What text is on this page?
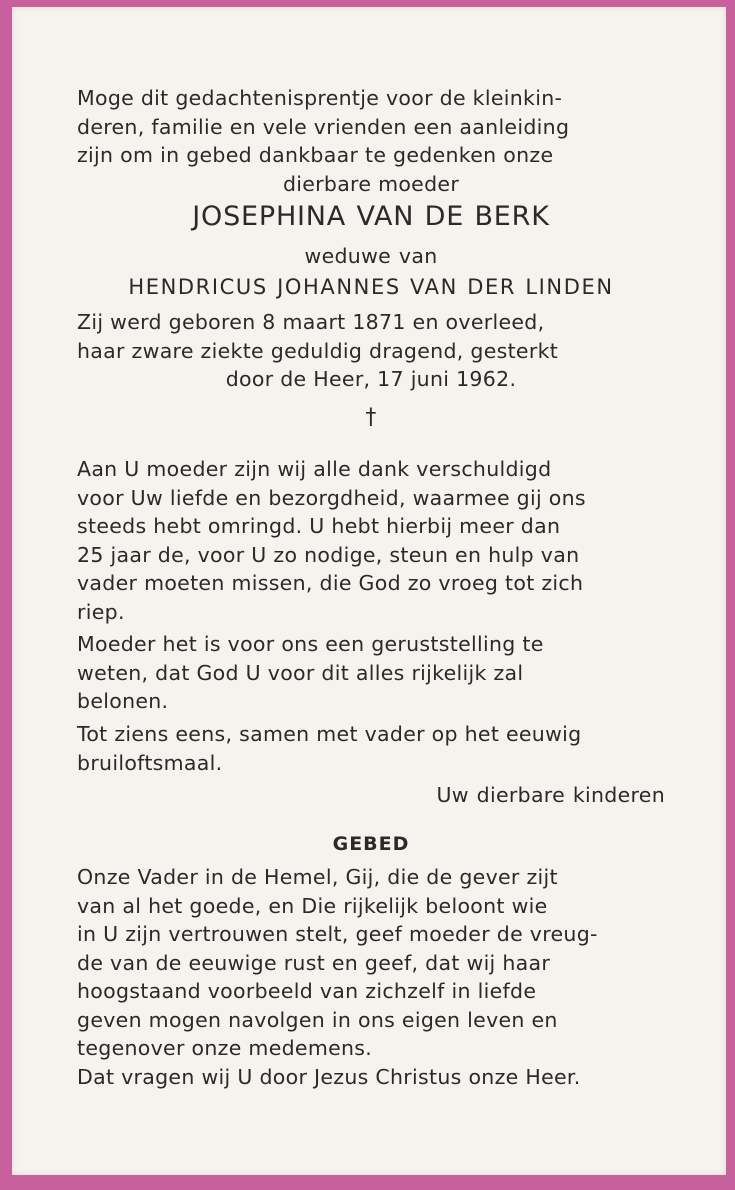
Moge dit gedachtenisprentje voor de kleinkin-
deren, familie en vele vrienden een aanleiding
zijn om in gebed dankbaar te gedenken onze
dierbare moeder
JOSEPHINA VAN DE BERK
weduwe van
HENDRICUS JOHANNES VAN DER LINDEN
Zij werd geboren 8 maart 1871 en overleed,
haar zware ziekte geduldig dragend, gesterkt
door de Heer, 17 juni 1962.
†
Aan U moeder zijn wij alle dank verschuldigd
voor Uw liefde en bezorgdheid, waarmee gij ons
steeds hebt omringd. U hebt hierbij meer dan
25 jaar de, voor U zo nodige, steun en hulp van
vader moeten missen, die God zo vroeg tot zich
riep.
Moeder het is voor ons een geruststelling te
weten, dat God U voor dit alles rijkelijk zal
belonen.
Tot ziens eens, samen met vader op het eeuwig
bruiloftsmaal.
Uw dierbare kinderen
GEBED
Onze Vader in de Hemel, Gij, die de gever zijt
van al het goede, en Die rijkelijk beloont wie
in U zijn vertrouwen stelt, geef moeder de vreug-
de van de eeuwige rust en geef, dat wij haar
hoogstaand voorbeeld van zichzelf in liefde
geven mogen navolgen in ons eigen leven en
tegenover onze medemens.
Dat vragen wij U door Jezus Christus onze Heer.
